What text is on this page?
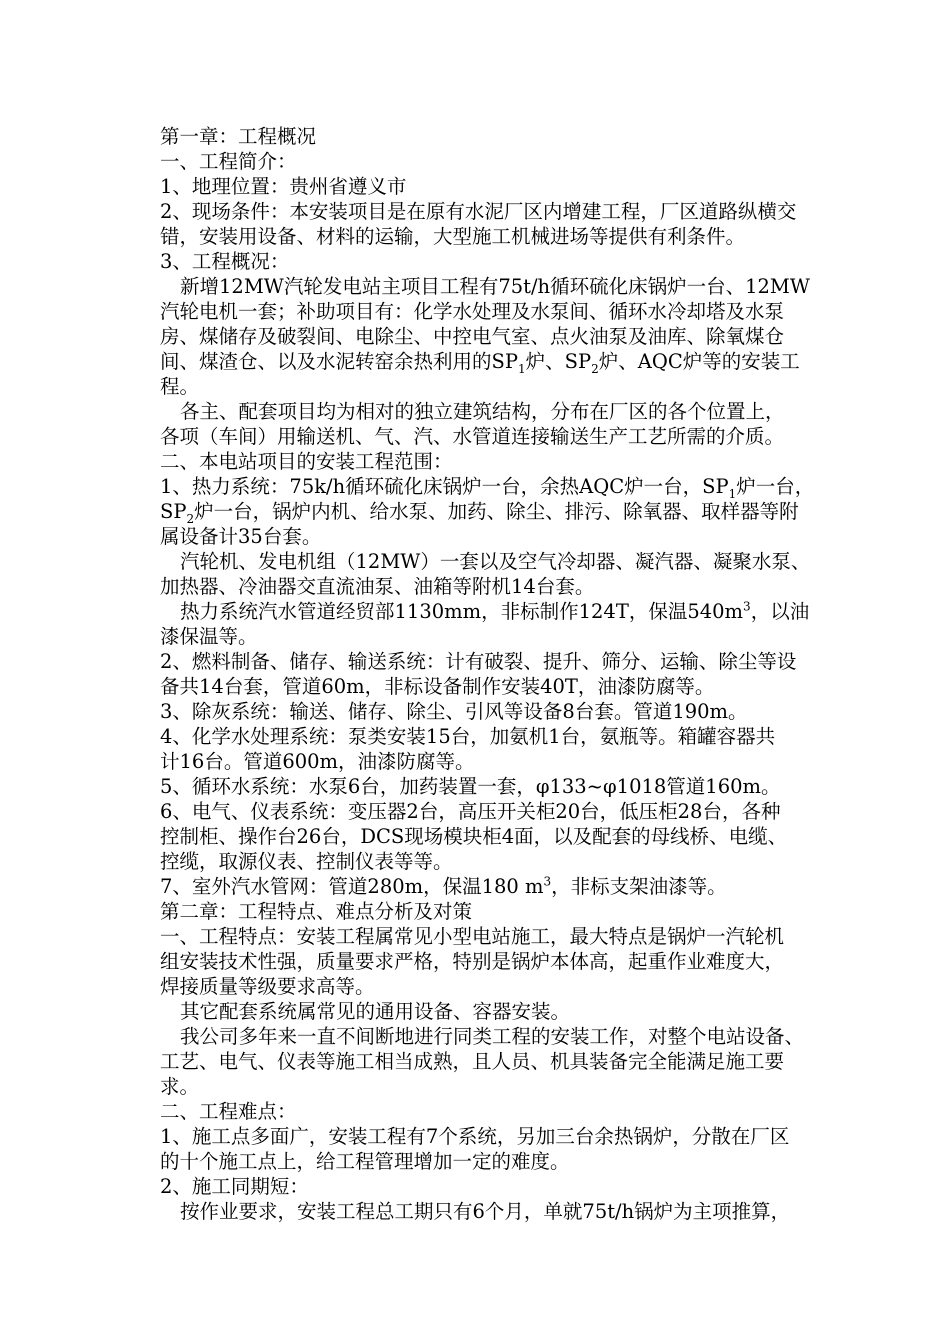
第一章：工程概况
一、工程简介：
1、地理位置：贵州省遵义市
2、现场条件：本安装项目是在原有水泥厂区内增建工程，厂区道路纵横交
错，安装用设备、材料的运输，大型施工机械进场等提供有利条件。
3、工程概况：
新增12MW汽轮发电站主项目工程有75t/h循环硫化床锅炉一台、12MW
汽轮电机一套；补助项目有：化学水处理及水泵间、循环水冷却塔及水泵
房、煤储存及破裂间、电除尘、中控电气室、点火油泵及油库、除氧煤仓
间、煤渣仓、以及水泥转窑余热利用的$SP_1$炉、$SP_2$炉、AQC炉等的安装工
程。
各主、配套项目均为相对的独立建筑结构，分布在厂区的各个位置上，
各项（车间）用输送机、气、汽、水管道连接输送生产工艺所需的介质。
二、本电站项目的安装工程范围：
1、热力系统：75k/h循环硫化床锅炉一台，余热AQC炉一台，$SP_1$炉一台，
$SP_2$炉一台，锅炉内机、给水泵、加药、除尘、排污、除氧器、取样器等附
属设备计35台套。
汽轮机、发电机组（12MW）一套以及空气冷却器、凝汽器、凝聚水泵、
加热器、冷油器交直流油泵、油箱等附机14台套。
热力系统汽水管道经贸部1130mm，非标制作124T，保温$540m^3$，以油
漆保温等。
2、燃料制备、储存、输送系统：计有破裂、提升、筛分、运输、除尘等设
备共14台套，管道60m，非标设备制作安装40T，油漆防腐等。
3、除灰系统：输送、储存、除尘、引风等设备8台套。管道190m。
4、化学水处理系统：泵类安装15台，加氨机1台，氨瓶等。箱罐容器共
计16台。管道600m，油漆防腐等。
5、循环水系统：水泵6台，加药装置一套，φ133~φ1018管道160m。
6、电气、仪表系统：变压器2台，高压开关柜20台，低压柜28台，各种
控制柜、操作台26台，DCS现场模块柜4面，以及配套的母线桥、电缆、
控缆，取源仪表、控制仪表等等。
7、室外汽水管网：管道280m，保温180 $m^3$，非标支架油漆等。
第二章：工程特点、难点分析及对策
一、工程特点：安装工程属常见小型电站施工，最大特点是锅炉一汽轮机
组安装技术性强，质量要求严格，特别是锅炉本体高，起重作业难度大，
焊接质量等级要求高等。
其它配套系统属常见的通用设备、容器安装。
我公司多年来一直不间断地进行同类工程的安装工作，对整个电站设备、
工艺、电气、仪表等施工相当成熟，且人员、机具装备完全能满足施工要
求。
二、工程难点：
1、施工点多面广，安装工程有7个系统，另加三台余热锅炉，分散在厂区
的十个施工点上，给工程管理增加一定的难度。
2、施工同期短：
按作业要求，安装工程总工期只有6个月，单就75t/h锅炉为主项推算，
